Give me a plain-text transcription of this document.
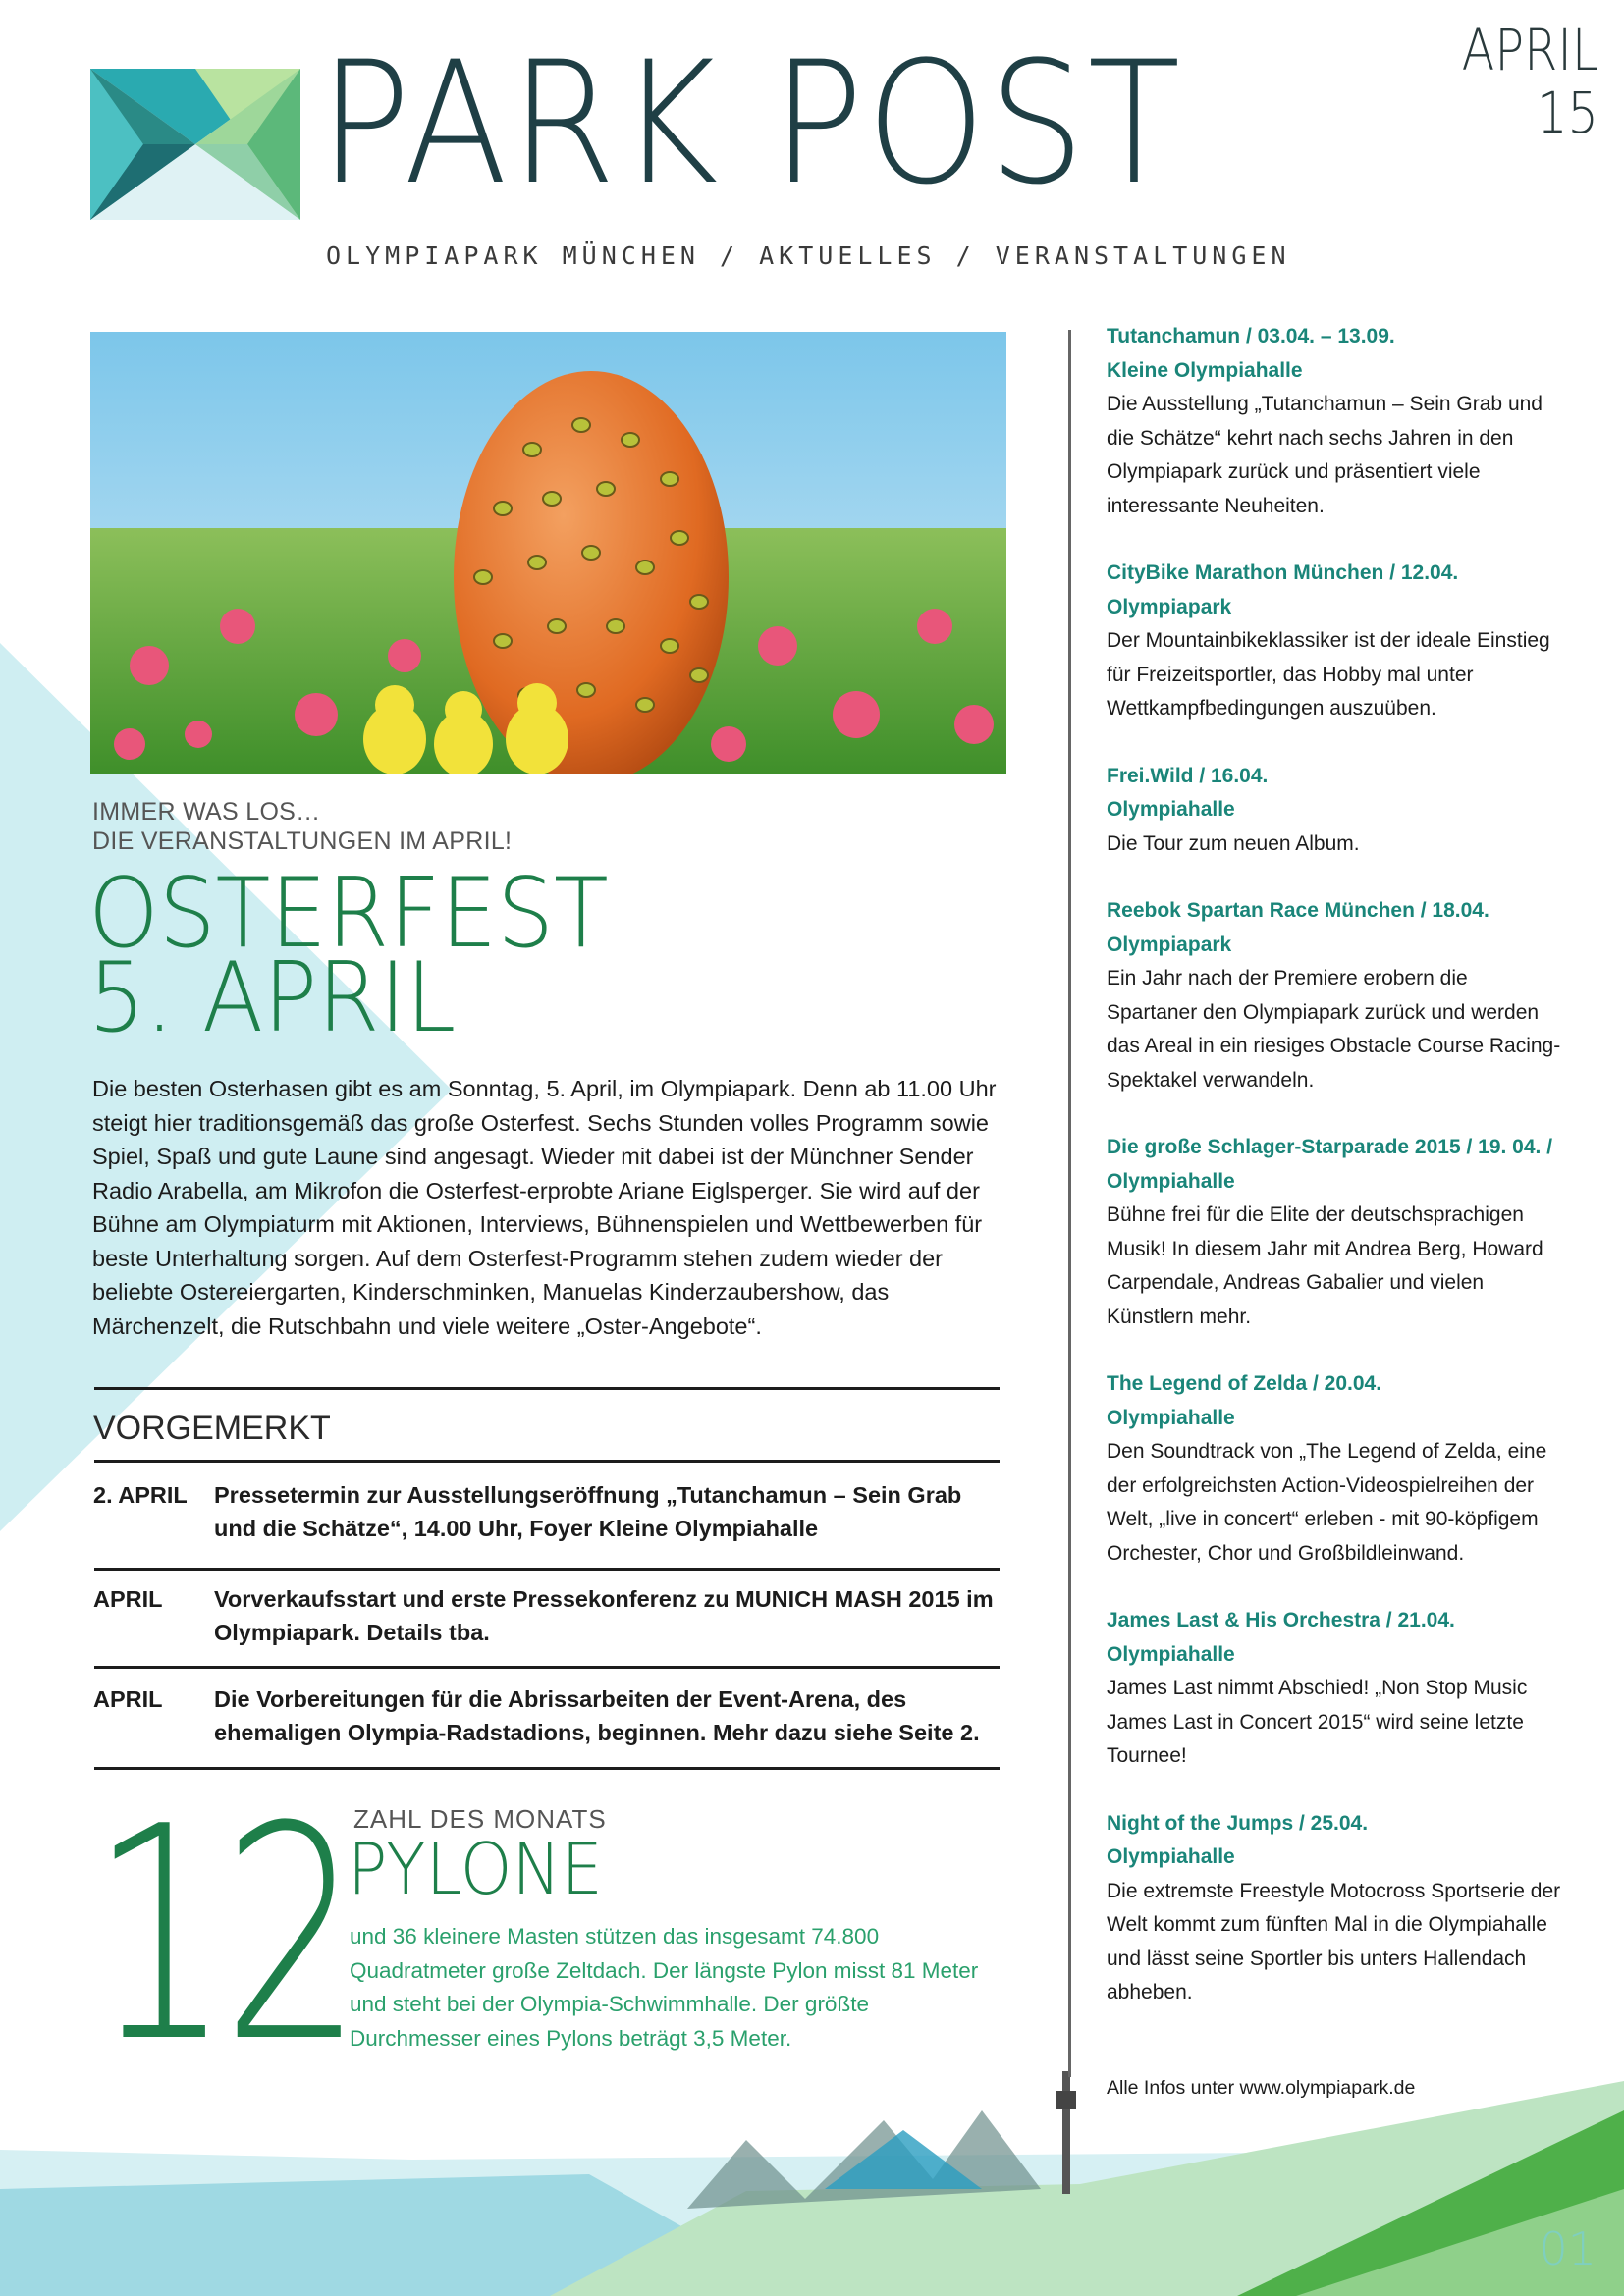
PARK POST
OLYMPIAPARK MÜNCHEN / AKTUELLES / VERANSTALTUNGEN
APRIL
15
IMMER WAS LOS…
DIE VERANSTALTUNGEN IM APRIL!
OSTERFEST
5. APRIL
Die besten Osterhasen gibt es am Sonntag, 5. April, im Olympiapark. Denn ab 11.00 Uhr steigt hier traditionsgemäß das große Osterfest. Sechs Stunden volles Programm sowie Spiel, Spaß und gute Laune sind angesagt. Wieder mit dabei ist der Münchner Sender Radio Arabella, am Mikrofon die Osterfest-erprobte Ariane Eiglsperger. Sie wird auf der Bühne am Olympiaturm mit Aktionen, Interviews, Bühnenspielen und Wettbewerben für beste Unterhaltung sorgen. Auf dem Osterfest-Programm stehen zudem wieder der beliebte Ostereiergarten, Kinderschminken, Manuelas Kinderzaubershow, das Märchenzelt, die Rutschbahn und viele weitere „Oster-Angebote“.
VORGEMERKT
2. APRIL Pressetermin zur Ausstellungseröffnung „Tutanchamun – Sein Grab und die Schätze“, 14.00 Uhr, Foyer Kleine Olympiahalle
APRIL Vorverkaufsstart und erste Pressekonferenz zu MUNICH MASH 2015 im Olympiapark. Details tba.
APRIL Die Vorbereitungen für die Abrissarbeiten der Event-Arena, des ehemaligen Olympia-Radstadions, beginnen. Mehr dazu siehe Seite 2.
12 ZAHL DES MONATS
PYLONE
und 36 kleinere Masten stützen das insgesamt 74.800 Quadratmeter große Zeltdach. Der längste Pylon misst 81 Meter und steht bei der Olympia-Schwimmhalle. Der größte Durchmesser eines Pylons beträgt 3,5 Meter.
Tutanchamun / 03.04. – 13.09.
Kleine Olympiahalle
Die Ausstellung „Tutanchamun – Sein Grab und die Schätze“ kehrt nach sechs Jahren in den Olympiapark zurück und präsentiert viele interessante Neuheiten.
CityBike Marathon München / 12.04.
Olympiapark
Der Mountainbikeklassiker ist der ideale Einstieg für Freizeitsportler, das Hobby mal unter Wettkampfbedingungen auszuüben.
Frei.Wild / 16.04.
Olympiahalle
Die Tour zum neuen Album.
Reebok Spartan Race München / 18.04.
Olympiapark
Ein Jahr nach der Premiere erobern die Spartaner den Olympiapark zurück und werden das Areal in ein riesiges Obstacle Course Racing-Spektakel verwandeln.
Die große Schlager-Starparade 2015 / 19. 04. / Olympiahalle
Bühne frei für die Elite der deutschsprachigen Musik! In diesem Jahr mit Andrea Berg, Howard Carpendale, Andreas Gabalier und vielen Künstlern mehr.
The Legend of Zelda / 20.04.
Olympiahalle
Den Soundtrack von „The Legend of Zelda, eine der erfolgreichsten Action-Videospielreihen der Welt, „live in concert“ erleben - mit 90-köpfigem Orchester, Chor und Großbildleinwand.
James Last & His Orchestra / 21.04.
Olympiahalle
James Last nimmt Abschied! „Non Stop Music James Last in Concert 2015“ wird seine letzte Tournee!
Night of the Jumps / 25.04.
Olympiahalle
Die extremste Freestyle Motocross Sportserie der Welt kommt zum fünften Mal in die Olympiahalle und lässt seine Sportler bis unters Hallendach abheben.
Alle Infos unter www.olympiapark.de
01
